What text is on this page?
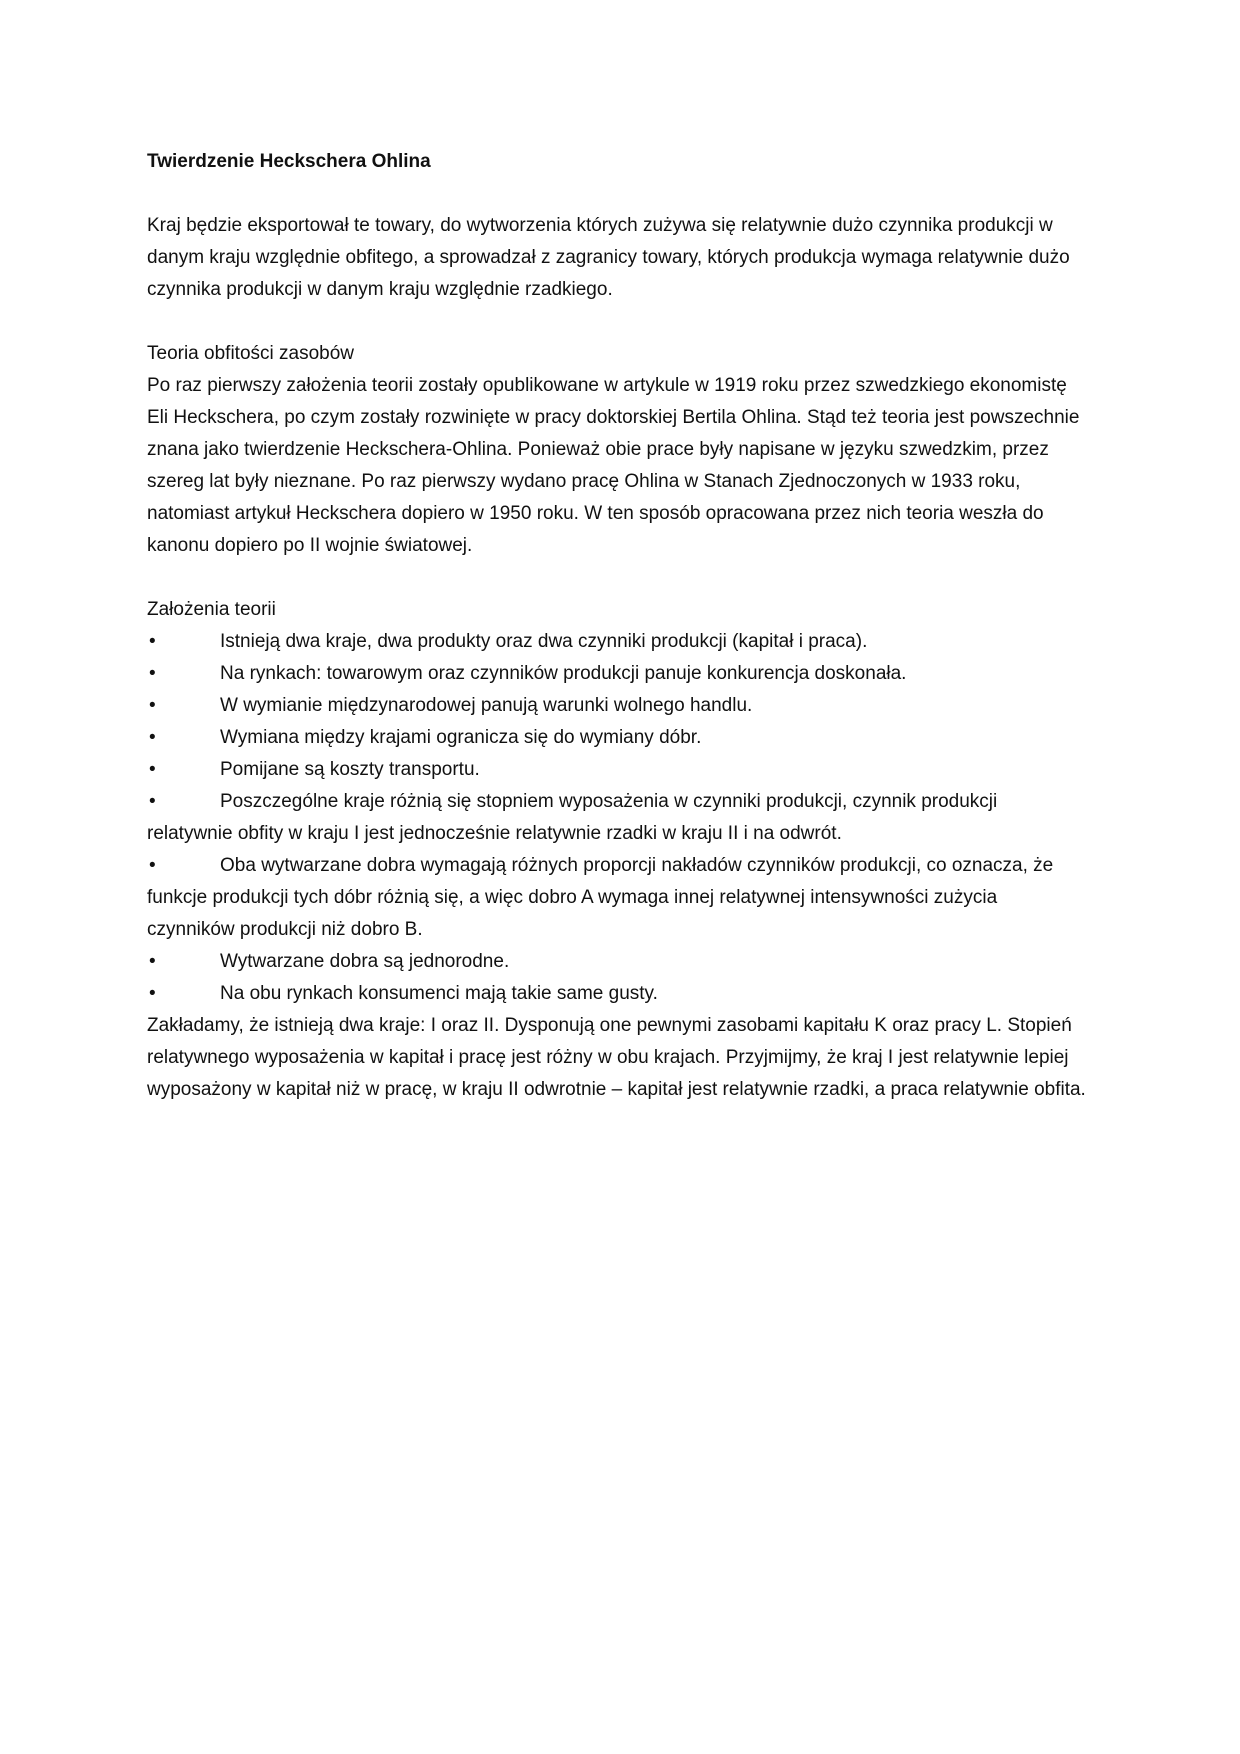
Twierdzenie Heckschera Ohlina

Kraj będzie eksportował te towary, do wytworzenia których zużywa się relatywnie dużo czynnika produkcji w danym kraju względnie obfitego, a sprowadzał z zagranicy towary, których produkcja wymaga relatywnie dużo czynnika produkcji w danym kraju względnie rzadkiego.

Teoria obfitości zasobów

Po raz pierwszy założenia teorii zostały opublikowane w artykule w 1919 roku przez szwedzkiego ekonomistę Eli Heckschera, po czym zostały rozwinięte w pracy doktorskiej Bertila Ohlina. Stąd też teoria jest powszechnie znana jako twierdzenie Heckschera-Ohlina. Ponieważ obie prace były napisane w języku szwedzkim, przez szereg lat były nieznane. Po raz pierwszy wydano pracę Ohlina w Stanach Zjednoczonych w 1933 roku, natomiast artykuł Heckschera dopiero w 1950 roku. W ten sposób opracowana przez nich teoria weszła do kanonu dopiero po II wojnie światowej.

Założenia teorii

•	Istnieją dwa kraje, dwa produkty oraz dwa czynniki produkcji (kapitał i praca).
•	Na rynkach: towarowym oraz czynników produkcji panuje konkurencja doskonała.
•	W wymianie międzynarodowej panują warunki wolnego handlu.
•	Wymiana między krajami ogranicza się do wymiany dóbr.
•	Pomijane są koszty transportu.
•	Poszczególne kraje różnią się stopniem wyposażenia w czynniki produkcji, czynnik produkcji relatywnie obfity w kraju I jest jednocześnie relatywnie rzadki w kraju II i na odwrót.
•	Oba wytwarzane dobra wymagają różnych proporcji nakładów czynników produkcji, co oznacza, że funkcje produkcji tych dóbr różnią się, a więc dobro A wymaga innej relatywnej intensywności zużycia czynników produkcji niż dobro B.
•	Wytwarzane dobra są jednorodne.
•	Na obu rynkach konsumenci mają takie same gusty.

Zakładamy, że istnieją dwa kraje: I oraz II. Dysponują one pewnymi zasobami kapitału K oraz pracy L. Stopień relatywnego wyposażenia w kapitał i pracę jest różny w obu krajach. Przyjmijmy, że kraj I jest relatywnie lepiej wyposażony w kapitał niż w pracę, w kraju II odwrotnie – kapitał jest relatywnie rzadki, a praca relatywnie obfita.
